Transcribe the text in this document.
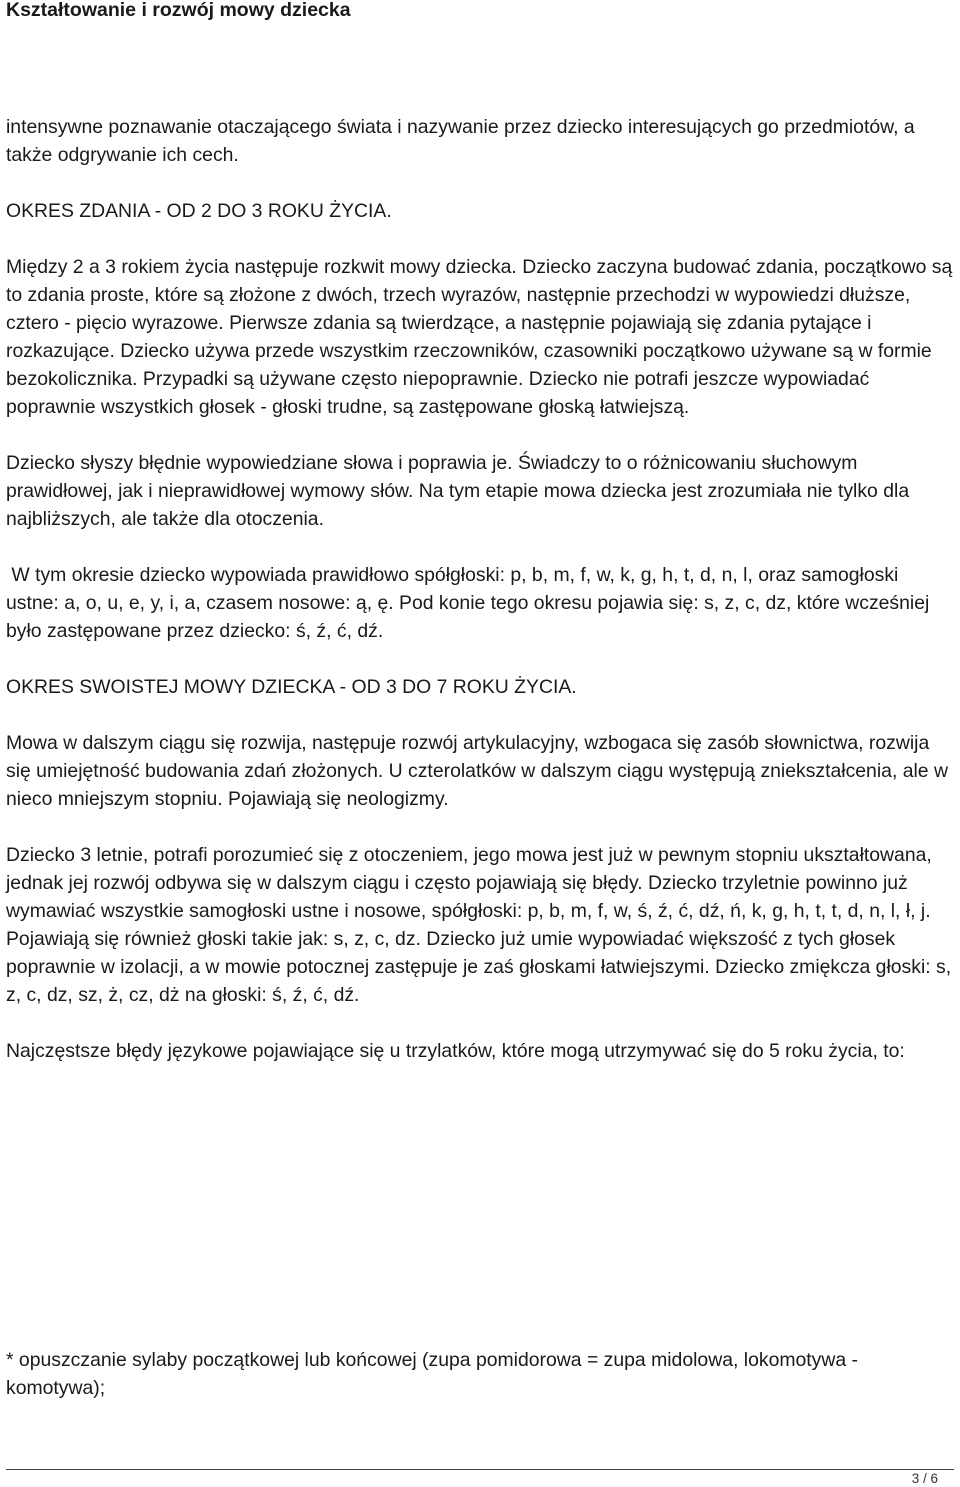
Kształtowanie i rozwój mowy dziecka

intensywne poznawanie otaczającego świata i nazywanie przez dziecko interesujących go przedmiotów, a także odgrywanie ich cech.

OKRES ZDANIA - OD 2 DO 3 ROKU ŻYCIA.

Między 2 a 3 rokiem życia następuje rozkwit mowy dziecka. Dziecko zaczyna budować zdania, początkowo są to zdania proste, które są złożone z dwóch, trzech wyrazów, następnie przechodzi w wypowiedzi dłuższe, cztero - pięcio wyrazowe. Pierwsze zdania są twierdzące, a następnie pojawiają się zdania pytające i rozkazujące. Dziecko używa przede wszystkim rzeczowników, czasowniki początkowo używane są w formie bezokolicznika. Przypadki są używane często niepoprawnie. Dziecko nie potrafi jeszcze wypowiadać poprawnie wszystkich głosek - głoski trudne, są zastępowane głoską łatwiejszą.

Dziecko słyszy błędnie wypowiedziane słowa i poprawia je. Świadczy to o różnicowaniu słuchowym prawidłowej, jak i nieprawidłowej wymowy słów. Na tym etapie mowa dziecka jest zrozumiała nie tylko dla najbliższych, ale także dla otoczenia.

W tym okresie dziecko wypowiada prawidłowo spółgłoski: p, b, m, f, w, k, g, h, t, d, n, l, oraz samogłoski ustne: a, o, u, e, y, i, a, czasem nosowe: ą, ę. Pod konie tego okresu pojawia się: s, z, c, dz, które wcześniej było zastępowane przez dziecko: ś, ź, ć, dź.

OKRES SWOISTEJ MOWY DZIECKA - OD 3 DO 7 ROKU ŻYCIA.

Mowa w dalszym ciągu się rozwija, następuje rozwój artykulacyjny, wzbogaca się zasób słownictwa, rozwija się umiejętność budowania zdań złożonych. U czterolatków w dalszym ciągu występują zniekształcenia, ale w nieco mniejszym stopniu. Pojawiają się neologizmy.

Dziecko 3 letnie, potrafi porozumieć się z otoczeniem, jego mowa jest już w pewnym stopniu ukształtowana, jednak jej rozwój odbywa się w dalszym ciągu i często pojawiają się błędy. Dziecko trzyletnie powinno już wymawiać wszystkie samogłoski ustne i nosowe, spółgłoski: p, b, m, f, w, ś, ź, ć, dź, ń, k, g, h, t, t, d, n, l, ł, j. Pojawiają się również głoski takie jak: s, z, c, dz. Dziecko już umie wypowiadać większość z tych głosek poprawnie w izolacji, a w mowie potocznej zastępuje je zaś głoskami łatwiejszymi. Dziecko zmiękcza głoski: s, z, c, dz, sz, ż, cz, dż na głoski: ś, ź, ć, dź.

Najczęstsze błędy językowe pojawiające się u trzylatków, które mogą utrzymywać się do 5 roku życia, to:

* opuszczanie sylaby początkowej lub końcowej (zupa pomidorowa = zupa midolowa, lokomotywa - komotywa);
3 / 6
